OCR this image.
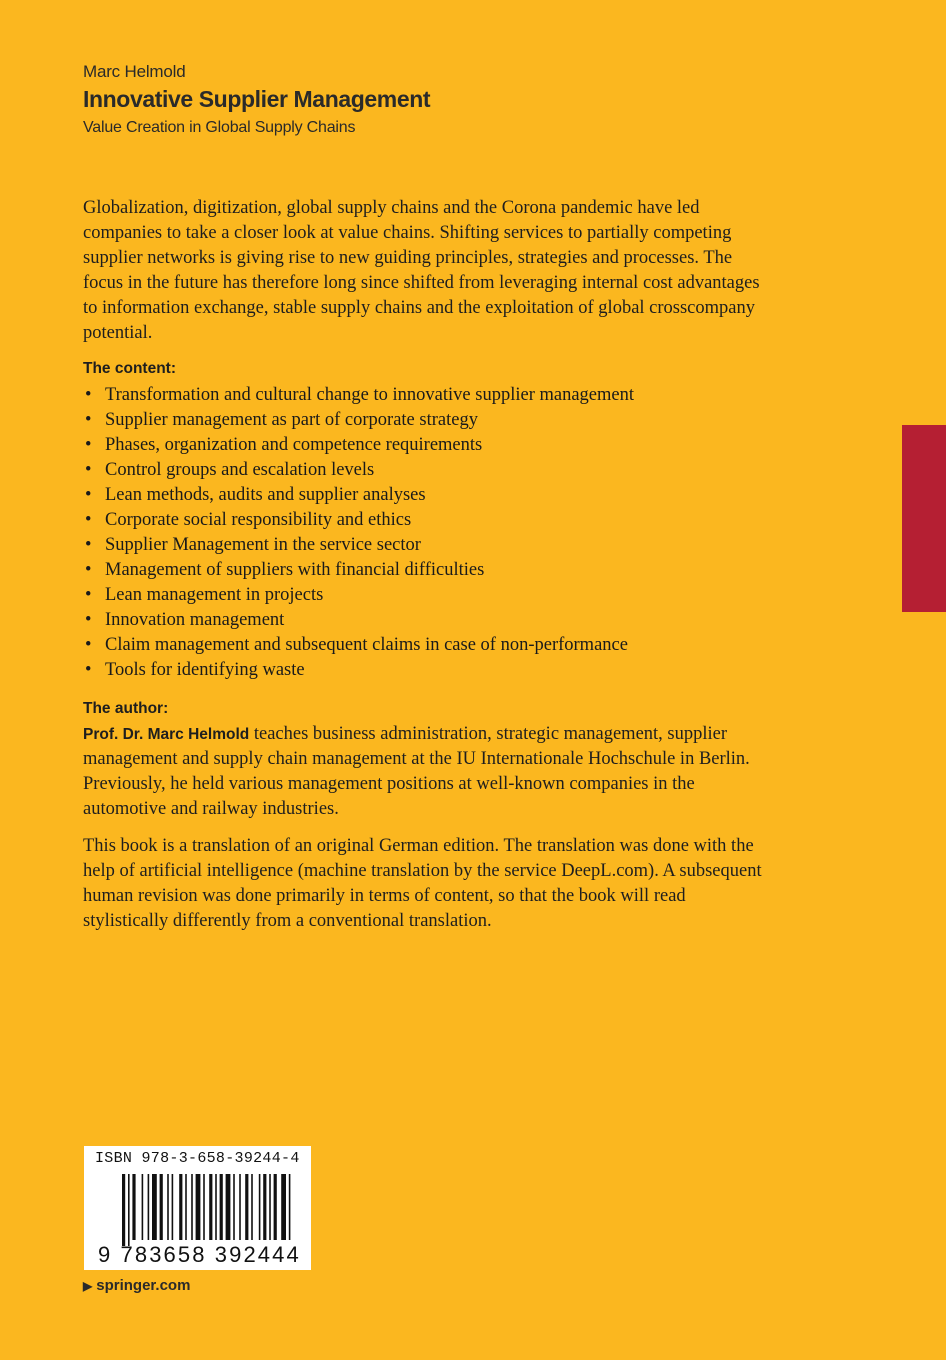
Marc Helmold
Innovative Supplier Management
Value Creation in Global Supply Chains
Globalization, digitization, global supply chains and the Corona pandemic have led companies to take a closer look at value chains. Shifting services to partially competing supplier networks is giving rise to new guiding principles, strategies and processes. The focus in the future has therefore long since shifted from leveraging internal cost advantages to information exchange, stable supply chains and the exploitation of global crosscompany potential.
The content:
• Transformation and cultural change to innovative supplier management
• Supplier management as part of corporate strategy
• Phases, organization and competence requirements
• Control groups and escalation levels
• Lean methods, audits and supplier analyses
• Corporate social responsibility and ethics
• Supplier Management in the service sector
• Management of suppliers with financial difficulties
• Lean management in projects
• Innovation management
• Claim management and subsequent claims in case of non-performance
• Tools for identifying waste
The author:
Prof. Dr. Marc Helmold teaches business administration, strategic management, supplier management and supply chain management at the IU Internationale Hochschule in Berlin. Previously, he held various management positions at well-known companies in the automotive and railway industries.
This book is a translation of an original German edition. The translation was done with the help of artificial intelligence (machine translation by the service DeepL.com). A subsequent human revision was done primarily in terms of content, so that the book will read stylistically differently from a conventional translation.
ISBN 978-3-658-39244-4
9 783658 392444
▶ springer.com
